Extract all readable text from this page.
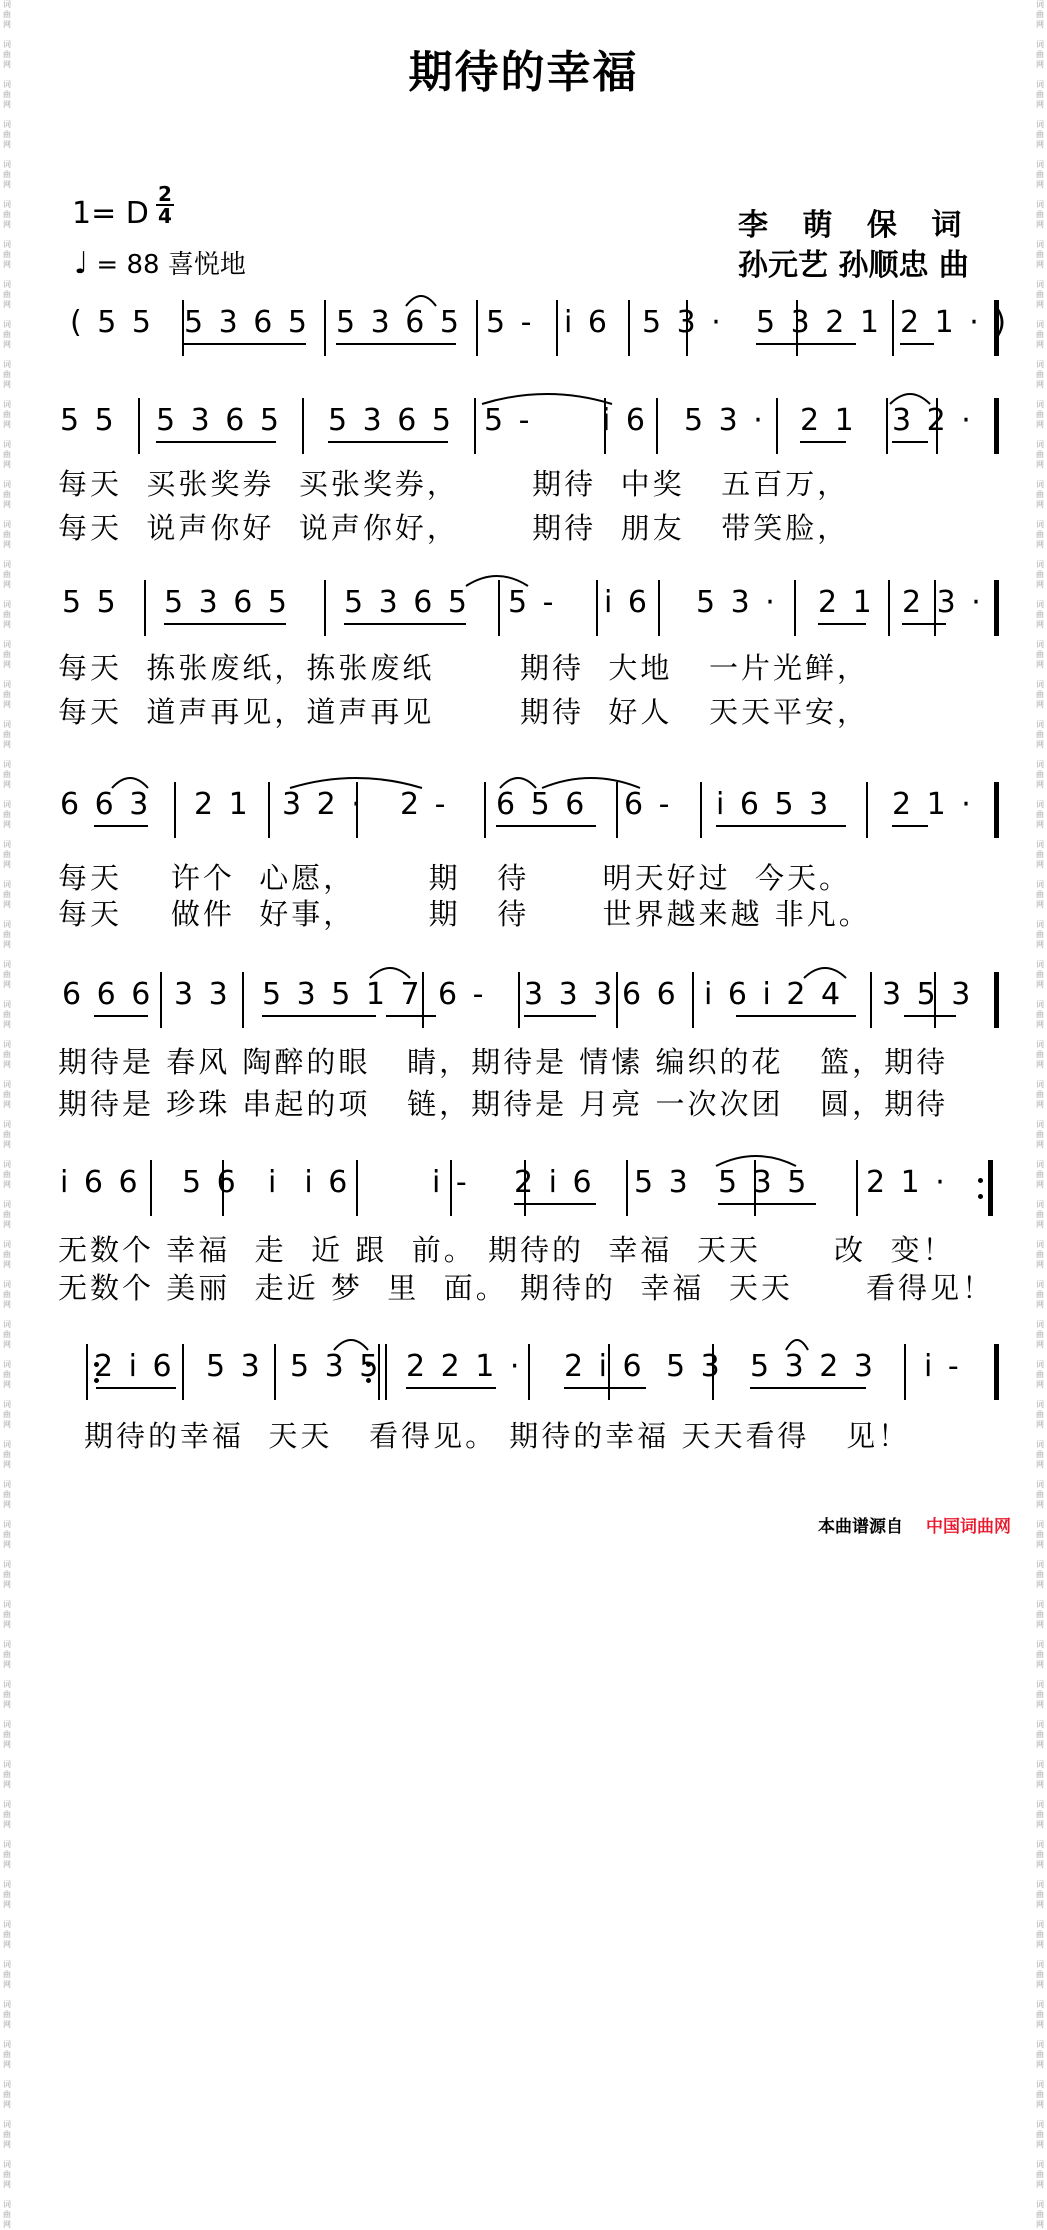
词
曲
网

词
曲
网

词
曲
网

词
曲
网

词
曲
网

词
曲
网

词
曲
网

词
曲
网

词
曲
网

词
曲
网

词
曲
网

词
曲
网

词
曲
网

词
曲
网

词
曲
网

词
曲
网

词
曲
网

词
曲
网

词
曲
网

词
曲
网

词
曲
网

词
曲
网

词
曲
网

词
曲
网

词
曲
网

词
曲
网

词
曲
网

词
曲
网

词
曲
网

词
曲
网

词
曲
网

词
曲
网

词
曲
网

词
曲
网

词
曲
网

词
曲
网

词
曲
网

词
曲
网

词
曲
网

词
曲
网

词
曲
网

词
曲
网

词
曲
网

词
曲
网

词
曲
网

词
曲
网

词
曲
网

词
曲
网

词
曲
网

词
曲
网

词
曲
网

词
曲
网

词
曲
网

词
曲
网

词
曲
网

词
曲
网

词
曲
网

词
曲
网

词
曲
网

词
曲
网

词
曲
网

词
曲
网

词
曲
网

词
曲
网

词
曲
网

词
曲
网

词
曲
网

词
曲
网

词
曲
网

词
曲
网

词
曲
网

词
曲
网

词
曲
网

词
曲
网

词
曲
网

词
曲
网

词
曲
网

词
曲
网

词
曲
网

词
曲
网

词
曲
网

词
曲
网

词
曲
网

词
曲
网

词
曲
网

词
曲
网

词
曲
网

词
曲
网

词
曲
网

词
曲
网

词
曲
网

词
曲
网

词
曲
网

词
曲
网

词
曲
网

词
曲
网

词
曲
网

词
曲
网

词
曲
网

词
曲
网

词
曲
网

词
曲
网

词
曲
网

词
曲
网

词
曲
网

词
曲
网

词
曲
网

词
曲
网

词
曲
网

词
曲
网

词
曲
网

词
曲
网

期待的幸福
1= D
2
4
♩ = 88 喜悦地
李 萌 保 词
孙元艺 孙顺忠 曲
( 5 5 5 3 6 5 5 3 6 5 5 - i 6 5 3 · 5 3 2 1 2 1 · )
5 5 5 3 6 5 5 3 6 5 5 - i 6 5 3 · 2 1 3 2 ·
每天  买张奖券  买张奖券，      期待  中奖   五百万，
每天  说声你好  说声你好，      期待  朋友   带笑脸，
5 5 5 3 6 5 5 3 6 5 5 - i 6 5 3 · 2 1 2 3 ·
每天  拣张废纸，拣张废纸       期待  大地   一片光鲜，
每天  道声再见，道声再见       期待  好人   天天平安，
6 6 3 2 1 3 2 · 2 - 6 5 6 6 - i 6 5 3 2 1 ·
每天    许个  心愿，      期   待      明天好过  今天。
每天    做件  好事，      期   待      世界越来越 非凡。
6 6 6 3 3 5 3 5 1 7 6 - 3 3 3 6 6 i 6 i 2 4 3 5 3
期待是 春风 陶醉的眼   睛，期待是 情愫 编织的花   篮，期待
期待是 珍珠 串起的项   链，期待是 月亮 一次次团   圆，期待
i 6 6 5 6 i  i 6	i - 2 i 6 5 3 5 3 5 2 1 ·
无数个 幸福  走  近 跟  前。 期待的  幸福  天天      改  变！
无数个 美丽  走近 梦  里  面。 期待的  幸福  天天      看得见！
2 i 6 5 3 5 3 5 2 2 1 · 2 i 6 5 3 5 3 2 3 i -
期待的幸福  天天   看得见。 期待的幸福 天天看得   见！
本曲谱源自 中国词曲网
